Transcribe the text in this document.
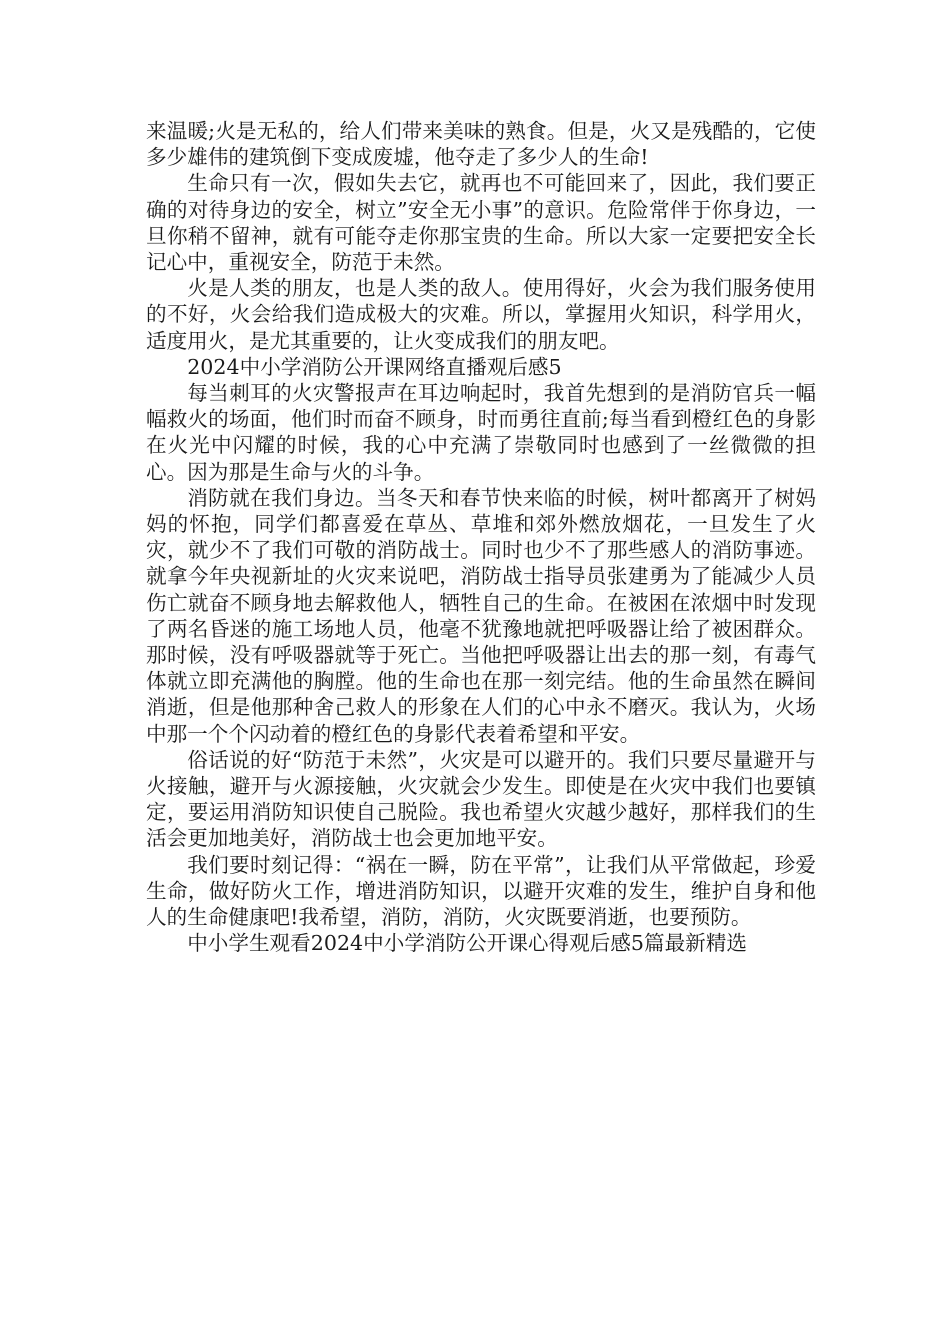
来温暖;火是无私的，给人们带来美味的熟食。但是，火又是残酷的，它使多少雄伟的建筑倒下变成废墟，他夺走了多少人的生命!

生命只有一次，假如失去它，就再也不可能回来了，因此，我们要正确的对待身边的安全，树立”安全无小事”的意识。危险常伴于你身边，一旦你稍不留神，就有可能夺走你那宝贵的生命。所以大家一定要把安全长记心中，重视安全，防范于未然。

火是人类的朋友，也是人类的敌人。使用得好，火会为我们服务使用的不好，火会给我们造成极大的灾难。所以，掌握用火知识，科学用火，适度用火，是尤其重要的，让火变成我们的朋友吧。

2024中小学消防公开课网络直播观后感5

每当刺耳的火灾警报声在耳边响起时，我首先想到的是消防官兵一幅幅救火的场面，他们时而奋不顾身，时而勇往直前;每当看到橙红色的身影在火光中闪耀的时候，我的心中充满了崇敬同时也感到了一丝微微的担心。因为那是生命与火的斗争。

消防就在我们身边。当冬天和春节快来临的时候，树叶都离开了树妈妈的怀抱，同学们都喜爱在草丛、草堆和郊外燃放烟花，一旦发生了火灾，就少不了我们可敬的消防战士。同时也少不了那些感人的消防事迹。就拿今年央视新址的火灾来说吧，消防战士指导员张建勇为了能减少人员伤亡就奋不顾身地去解救他人，牺牲自己的生命。在被困在浓烟中时发现了两名昏迷的施工场地人员，他毫不犹豫地就把呼吸器让给了被困群众。那时候，没有呼吸器就等于死亡。当他把呼吸器让出去的那一刻，有毒气体就立即充满他的胸膛。他的生命也在那一刻完结。他的生命虽然在瞬间消逝，但是他那种舍己救人的形象在人们的心中永不磨灭。我认为，火场中那一个个闪动着的橙红色的身影代表着希望和平安。

俗话说的好“防范于未然”，火灾是可以避开的。我们只要尽量避开与火接触，避开与火源接触，火灾就会少发生。即使是在火灾中我们也要镇定，要运用消防知识使自己脱险。我也希望火灾越少越好，那样我们的生活会更加地美好，消防战士也会更加地平安。

我们要时刻记得：“祸在一瞬，防在平常”，让我们从平常做起，珍爱生命，做好防火工作，增进消防知识，以避开灾难的发生，维护自身和他人的生命健康吧!我希望，消防，消防，火灾既要消逝，也要预防。

中小学生观看2024中小学消防公开课心得观后感5篇最新精选
